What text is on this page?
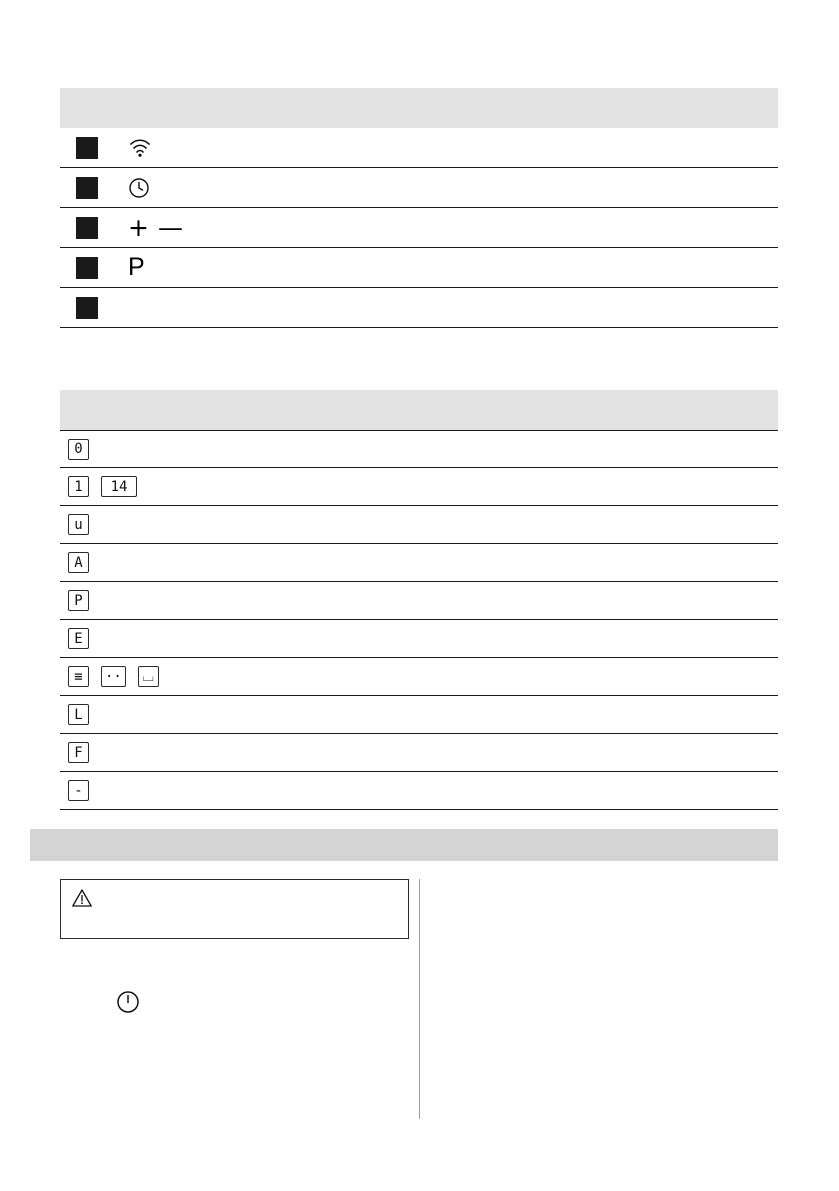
+—
P
0
1	14
u
A
P
E
≡	··	⌴
L
F
-
